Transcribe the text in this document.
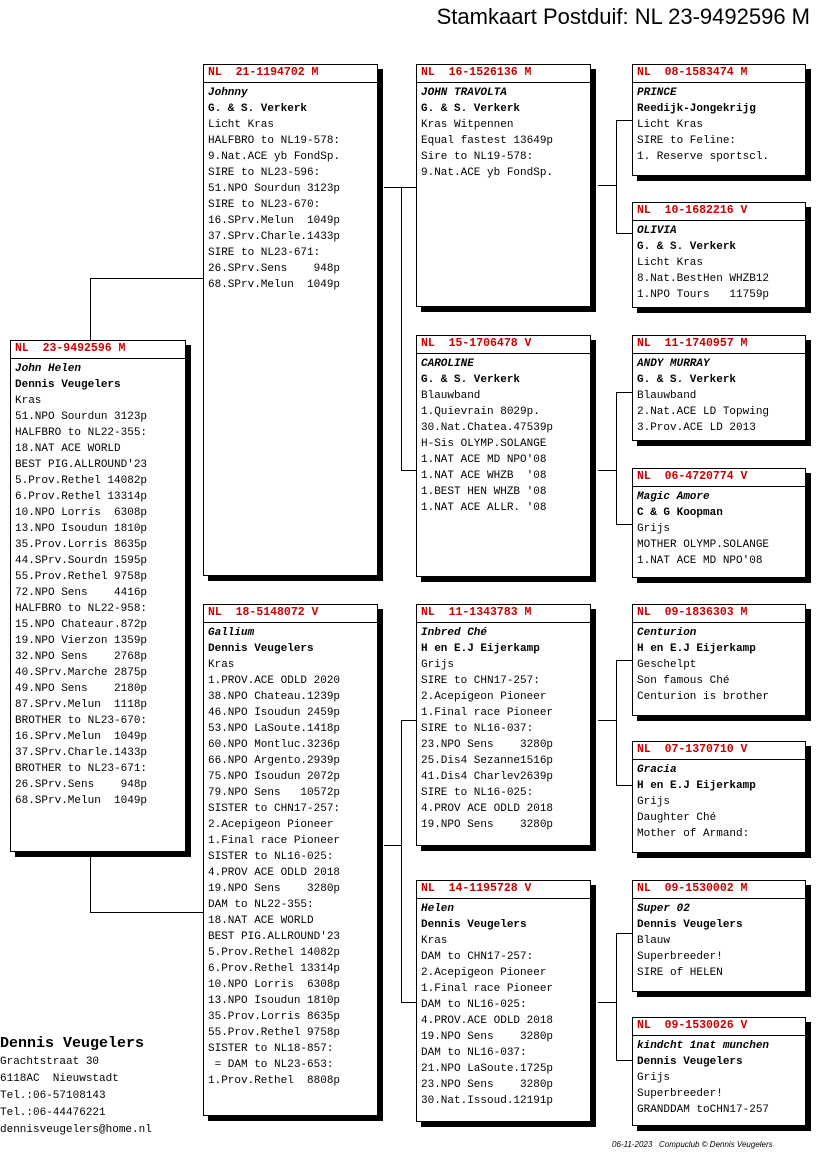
Stamkaart Postduif: NL 23-9492596 M
NL  23-9492596 M
John Helen
Dennis Veugelers
Kras
51.NPO Sourdun 3123p
HALFBRO to NL22-355:
18.NAT ACE WORLD
BEST PIG.ALLROUND'23
5.Prov.Rethel 14082p
6.Prov.Rethel 13314p
10.NPO Lorris  6308p
13.NPO Isoudun 1810p
35.Prov.Lorris 8635p
44.SPrv.Sourdn 1595p
55.Prov.Rethel 9758p
72.NPO Sens    4416p
HALFBRO to NL22-958:
15.NPO Chateaur.872p
19.NPO Vierzon 1359p
32.NPO Sens    2768p
40.SPrv.Marche 2875p
49.NPO Sens    2180p
87.SPrv.Melun  1118p
BROTHER to NL23-670:
16.SPrv.Melun  1049p
37.SPrv.Charle.1433p
BROTHER to NL23-671:
26.SPrv.Sens    948p
68.SPrv.Melun  1049p
NL  21-1194702 M
Johnny
G. & S. Verkerk
Licht Kras
HALFBRO to NL19-578:
9.Nat.ACE yb FondSp.
SIRE to NL23-596:
51.NPO Sourdun 3123p
SIRE to NL23-670:
16.SPrv.Melun  1049p
37.SPrv.Charle.1433p
SIRE to NL23-671:
26.SPrv.Sens    948p
68.SPrv.Melun  1049p
NL  18-5148072 V
Gallium
Dennis Veugelers
Kras
1.PROV.ACE ODLD 2020
38.NPO Chateau.1239p
46.NPO Isoudun 2459p
53.NPO LaSoute.1418p
60.NPO Montluc.3236p
66.NPO Argento.2939p
75.NPO Isoudun 2072p
79.NPO Sens   10572p
SISTER to CHN17-257:
2.Acepigeon Pioneer
1.Final race Pioneer
SISTER to NL16-025:
4.PROV ACE ODLD 2018
19.NPO Sens    3280p
DAM to NL22-355:
18.NAT ACE WORLD
BEST PIG.ALLROUND'23
5.Prov.Rethel 14082p
6.Prov.Rethel 13314p
10.NPO Lorris  6308p
13.NPO Isoudun 1810p
35.Prov.Lorris 8635p
55.Prov.Rethel 9758p
SISTER to NL18-857:
= DAM to NL23-653:
1.Prov.Rethel  8808p
NL  16-1526136 M
JOHN TRAVOLTA
G. & S. Verkerk
Kras Witpennen
Equal fastest 13649p
Sire to NL19-578:
9.Nat.ACE yb FondSp.
NL  15-1706478 V
CAROLINE
G. & S. Verkerk
Blauwband
1.Quievrain 8029p.
30.Nat.Chatea.47539p
H-Sis OLYMP.SOLANGE
1.NAT ACE MD NPO'08
1.NAT ACE WHZB  '08
1.BEST HEN WHZB '08
1.NAT ACE ALLR. '08
NL  11-1343783 M
Inbred Ché
H en E.J Eijerkamp
Grijs
SIRE to CHN17-257:
2.Acepigeon Pioneer
1.Final race Pioneer
SIRE to NL16-037:
23.NPO Sens    3280p
25.Dis4 Sezanne1516p
41.Dis4 Charlev2639p
SIRE to NL16-025:
4.PROV ACE ODLD 2018
19.NPO Sens    3280p
NL  14-1195728 V
Helen
Dennis Veugelers
Kras
DAM to CHN17-257:
2.Acepigeon Pioneer
1.Final race Pioneer
DAM to NL16-025:
4.PROV.ACE ODLD 2018
19.NPO Sens    3280p
DAM to NL16-037:
21.NPO LaSoute.1725p
23.NPO Sens    3280p
30.Nat.Issoud.12191p
NL  08-1583474 M
PRINCE
Reedijk-Jongekrijg
Licht Kras
SIRE to Feline:
1. Reserve sportscl.
NL  10-1682216 V
OLIVIA
G. & S. Verkerk
Licht Kras
8.Nat.BestHen WHZB12
1.NPO Tours   11759p
NL  11-1740957 M
ANDY MURRAY
G. & S. Verkerk
Blauwband
2.Nat.ACE LD Topwing
3.Prov.ACE LD 2013
NL  06-4720774 V
Magic Amore
C & G Koopman
Grijs
MOTHER OLYMP.SOLANGE
1.NAT ACE MD NPO'08
NL  09-1836303 M
Centurion
H en E.J Eijerkamp
Geschelpt
Son famous Ché
Centurion is brother
NL  07-1370710 V
Gracia
H en E.J Eijerkamp
Grijs
Daughter Ché
Mother of Armand:
NL  09-1530002 M
Super 02
Dennis Veugelers
Blauw
Superbreeder!
SIRE of HELEN
NL  09-1530026 V
kindcht 1nat munchen
Dennis Veugelers
Grijs
Superbreeder!
GRANDDAM toCHN17-257
Dennis Veugelers
Grachtstraat 30
6118AC  Nieuwstadt
Tel.:06-57108143
Tel.:06-44476221
dennisveugelers@home.nl
06-11-2023   Compuclub © Dennis Veugelers
